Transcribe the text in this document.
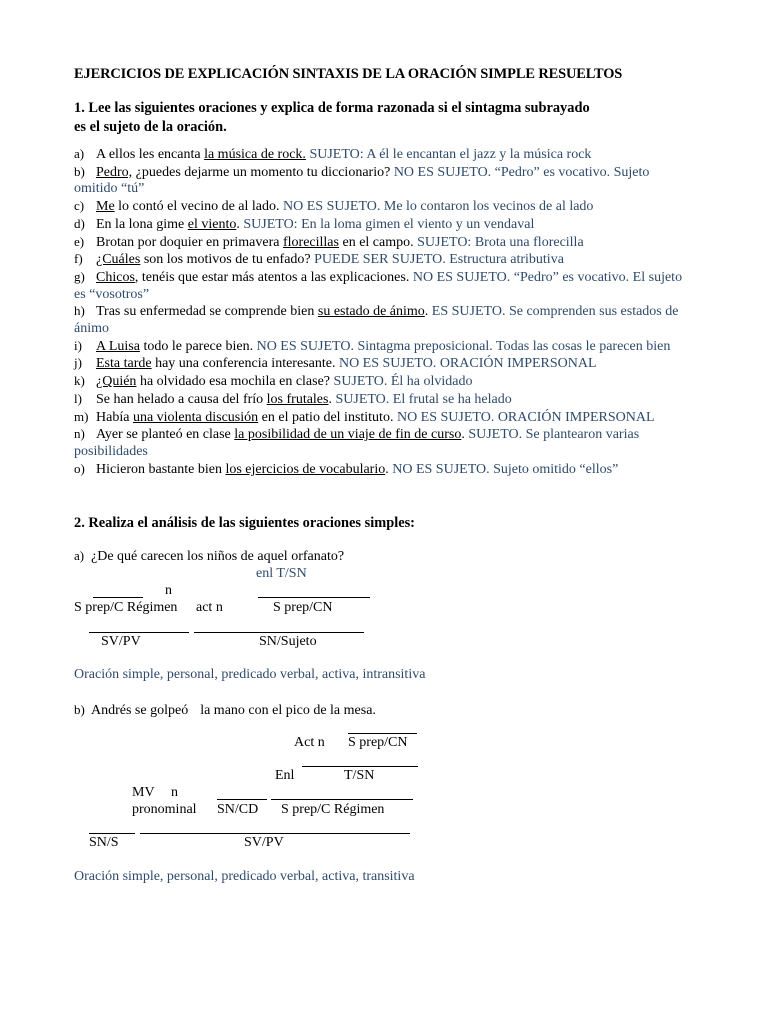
EJERCICIOS DE EXPLICACIÓN SINTAXIS DE LA ORACIÓN SIMPLE RESUELTOS
1. Lee las siguientes oraciones y explica de forma razonada si el sintagma subrayado
es el sujeto de la oración.
a) A ellos les encanta la música de rock. SUJETO: A él le encantan el jazz y la música rock
b) Pedro, ¿puedes dejarme un momento tu diccionario? NO ES SUJETO. “Pedro” es vocativo. Sujeto omitido “tú”
c) Me lo contó el vecino de al lado. NO ES SUJETO. Me lo contaron los vecinos de al lado
d) En la lona gime el viento. SUJETO: En la loma gimen el viento y un vendaval
e) Brotan por doquier en primavera florecillas en el campo. SUJETO: Brota una florecilla
f) ¿Cuáles son los motivos de tu enfado? PUEDE SER SUJETO. Estructura atributiva
g) Chicos, tenéis que estar más atentos a las explicaciones. NO ES SUJETO. “Pedro” es vocativo. El sujeto es “vosotros”
h) Tras su enfermedad se comprende bien su estado de ánimo. ES SUJETO. Se comprenden sus estados de ánimo
i) A Luisa todo le parece bien. NO ES SUJETO. Sintagma preposicional. Todas las cosas le parecen bien
j) Esta tarde hay una conferencia interesante. NO ES SUJETO. ORACIÓN IMPERSONAL
k) ¿Quién ha olvidado esa mochila en clase? SUJETO. Él ha olvidado
l) Se han helado a causa del frío los frutales. SUJETO. El frutal se ha helado
m) Había una violenta discusión en el patio del instituto. NO ES SUJETO. ORACIÓN IMPERSONAL
n) Ayer se planteó en clase la posibilidad de un viaje de fin de curso. SUJETO. Se plantearon varias posibilidades
o) Hicieron bastante bien los ejercicios de vocabulario. NO ES SUJETO. Sujeto omitido “ellos”
2. Realiza el análisis de las siguientes oraciones simples:
a) ¿De qué carecen los niños de aquel orfanato?
enl T/SN
n
S prep/C Régimen act n	S prep/CN
SV/PV	SN/Sujeto
Oración simple, personal, predicado verbal, activa, intransitiva
b) Andrés se golpeó la mano con el pico de la mesa.
Act n S prep/CN
Enl	T/SN
MV n
pronominal SN/CD S prep/C Régimen
SN/S	SV/PV
Oración simple, personal, predicado verbal, activa, transitiva
